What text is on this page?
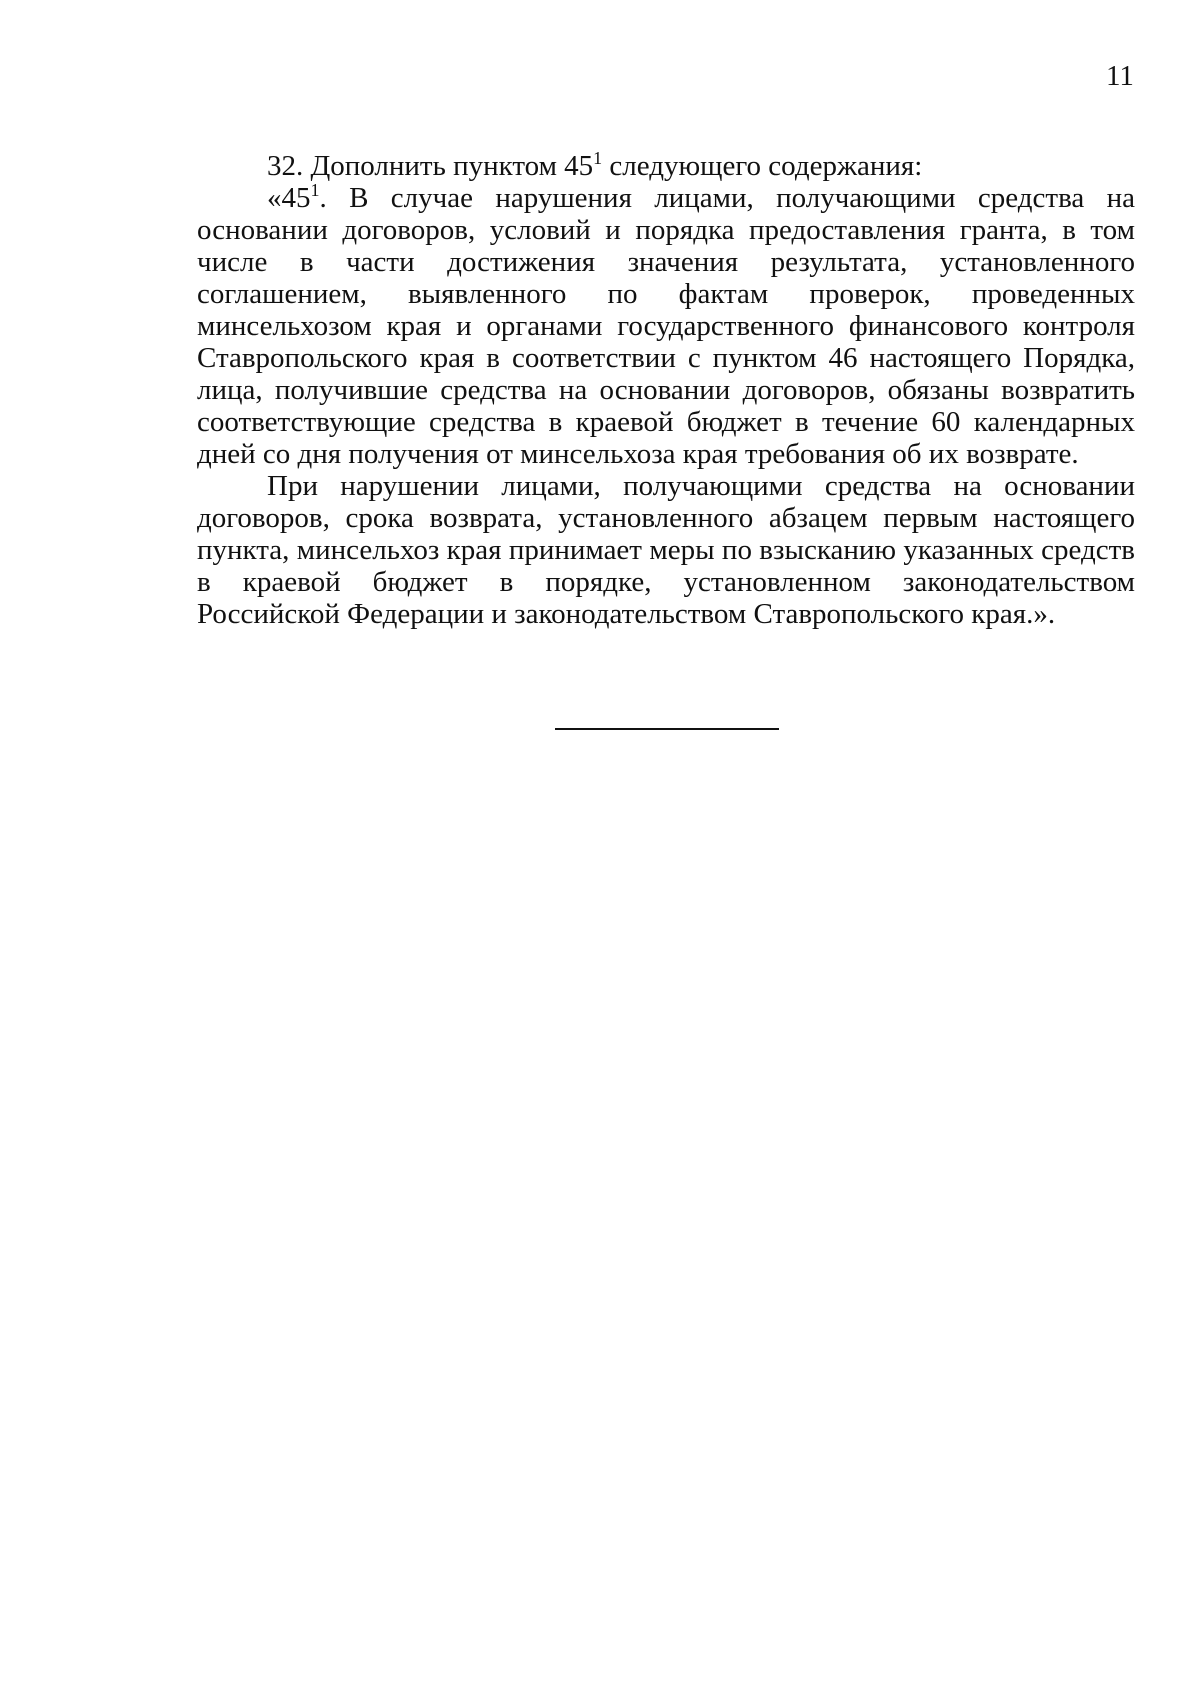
11

32. Дополнить пунктом $45^1$ следующего содержания:

«$45^1$. В случае нарушения лицами, получающими средства на основании договоров, условий и порядка предоставления гранта, в том числе в части достижения значения результата, установленного соглашением, выявленного по фактам проверок, проведенных минсельхозом края и органами государственного финансового контроля Ставропольского края в соответствии с пунктом 46 настоящего Порядка, лица, получившие средства на основании договоров, обязаны возвратить соответствующие средства в краевой бюджет в течение 60 календарных дней со дня получения от минсельхоза края требования об их возврате.

При нарушении лицами, получающими средства на основании договоров, срока возврата, установленного абзацем первым настоящего пункта, минсельхоз края принимает меры по взысканию указанных средств в краевой бюджет в порядке, установленном законодательством Российской Федерации и законодательством Ставропольского края.».
